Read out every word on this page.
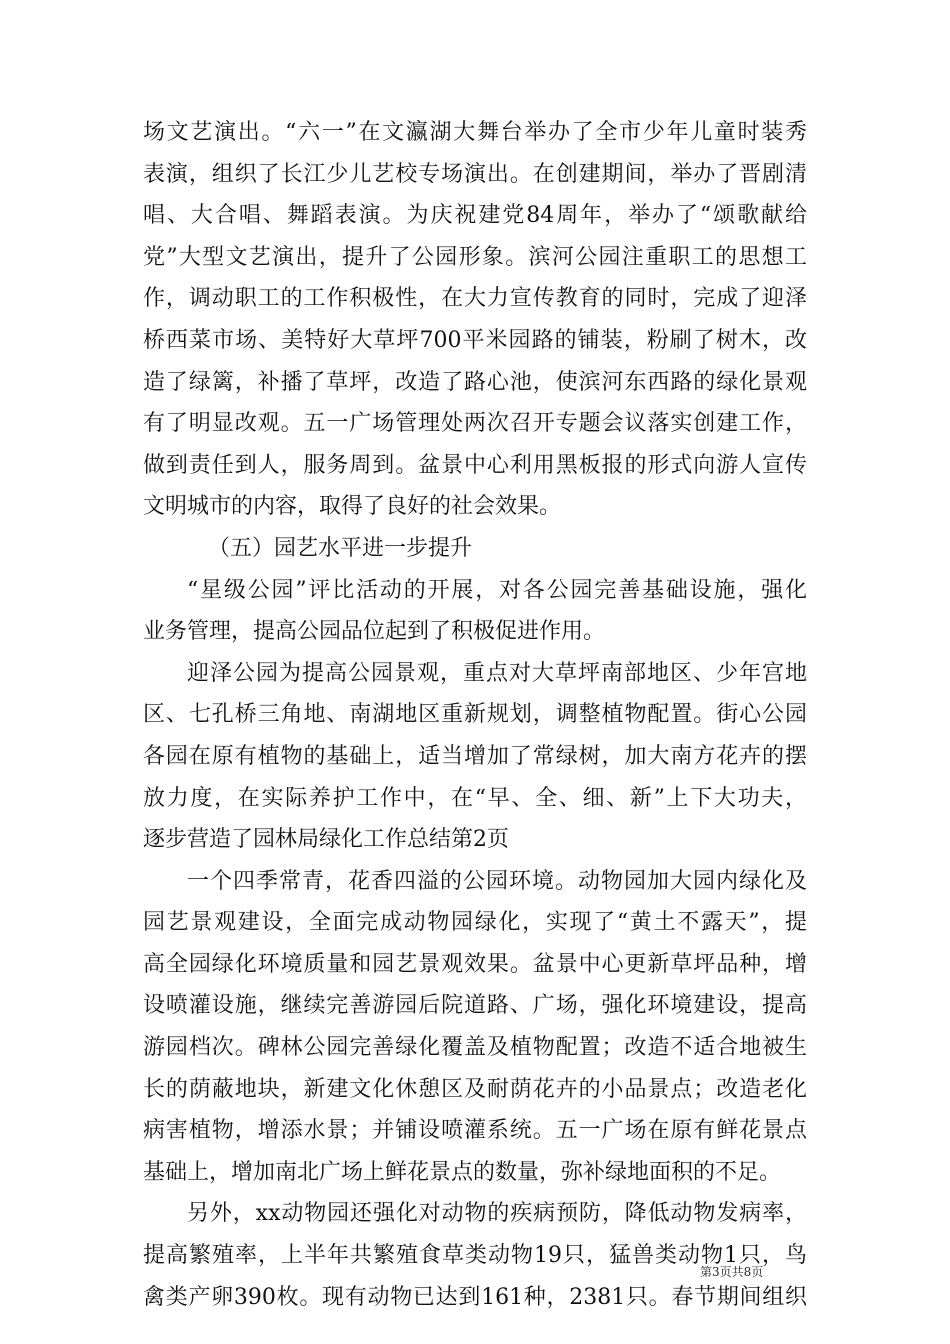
场文艺演出。“六一”在文瀛湖大舞台举办了全市少年儿童时装秀
表演，组织了长江少儿艺校专场演出。在创建期间，举办了晋剧清
唱、大合唱、舞蹈表演。为庆祝建党84周年，举办了“颂歌献给
党”大型文艺演出，提升了公园形象。滨河公园注重职工的思想工
作，调动职工的工作积极性，在大力宣传教育的同时，完成了迎泽
桥西菜市场、美特好大草坪700平米园路的铺装，粉刷了树木，改
造了绿篱，补播了草坪，改造了路心池，使滨河东西路的绿化景观
有了明显改观。五一广场管理处两次召开专题会议落实创建工作，
做到责任到人，服务周到。盆景中心利用黑板报的形式向游人宣传
文明城市的内容，取得了良好的社会效果。
（五）园艺水平进一步提升
“星级公园”评比活动的开展，对各公园完善基础设施，强化
业务管理，提高公园品位起到了积极促进作用。
迎泽公园为提高公园景观，重点对大草坪南部地区、少年宫地
区、七孔桥三角地、南湖地区重新规划，调整植物配置。街心公园
各园在原有植物的基础上，适当增加了常绿树，加大南方花卉的摆
放力度，在实际养护工作中，在“早、全、细、新”上下大功夫，
逐步营造了园林局绿化工作总结第2页
一个四季常青，花香四溢的公园环境。动物园加大园内绿化及
园艺景观建设，全面完成动物园绿化，实现了“黄土不露天”，提
高全园绿化环境质量和园艺景观效果。盆景中心更新草坪品种，增
设喷灌设施，继续完善游园后院道路、广场，强化环境建设，提高
游园档次。碑林公园完善绿化覆盖及植物配置；改造不适合地被生
长的荫蔽地块，新建文化休憩区及耐荫花卉的小品景点；改造老化
病害植物，增添水景；并铺设喷灌系统。五一广场在原有鲜花景点
基础上，增加南北广场上鲜花景点的数量，弥补绿地面积的不足。
另外，xx动物园还强化对动物的疾病预防，降低动物发病率，
提高繁殖率，上半年共繁殖食草类动物19只，猛兽类动物1只，鸟
禽类产卵390枚。现有动物已达到161种，2381只。春节期间组织
第3页共8页
